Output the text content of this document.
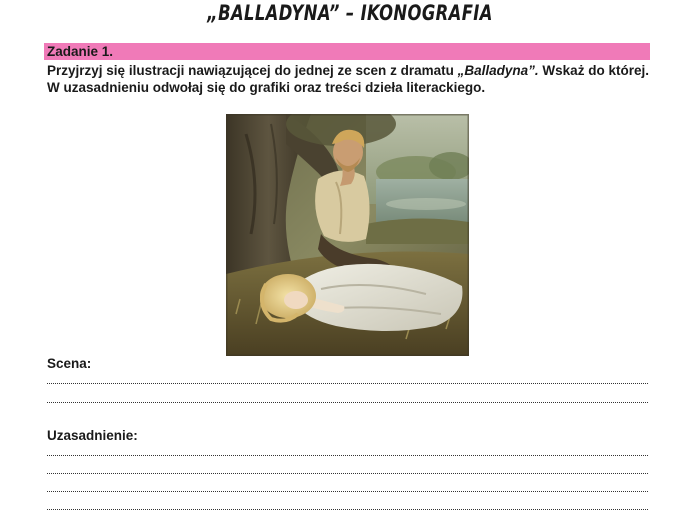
„BALLADYNA” – IKONOGRAFIA
Zadanie 1.
Przyjrzyj się ilustracji nawiązującej do jednej ze scen z dramatu „Balladyna”. Wskaż do której. W uzasadnieniu odwołaj się do grafiki oraz treści dzieła literackiego.
Scena:
Uzasadnienie:
